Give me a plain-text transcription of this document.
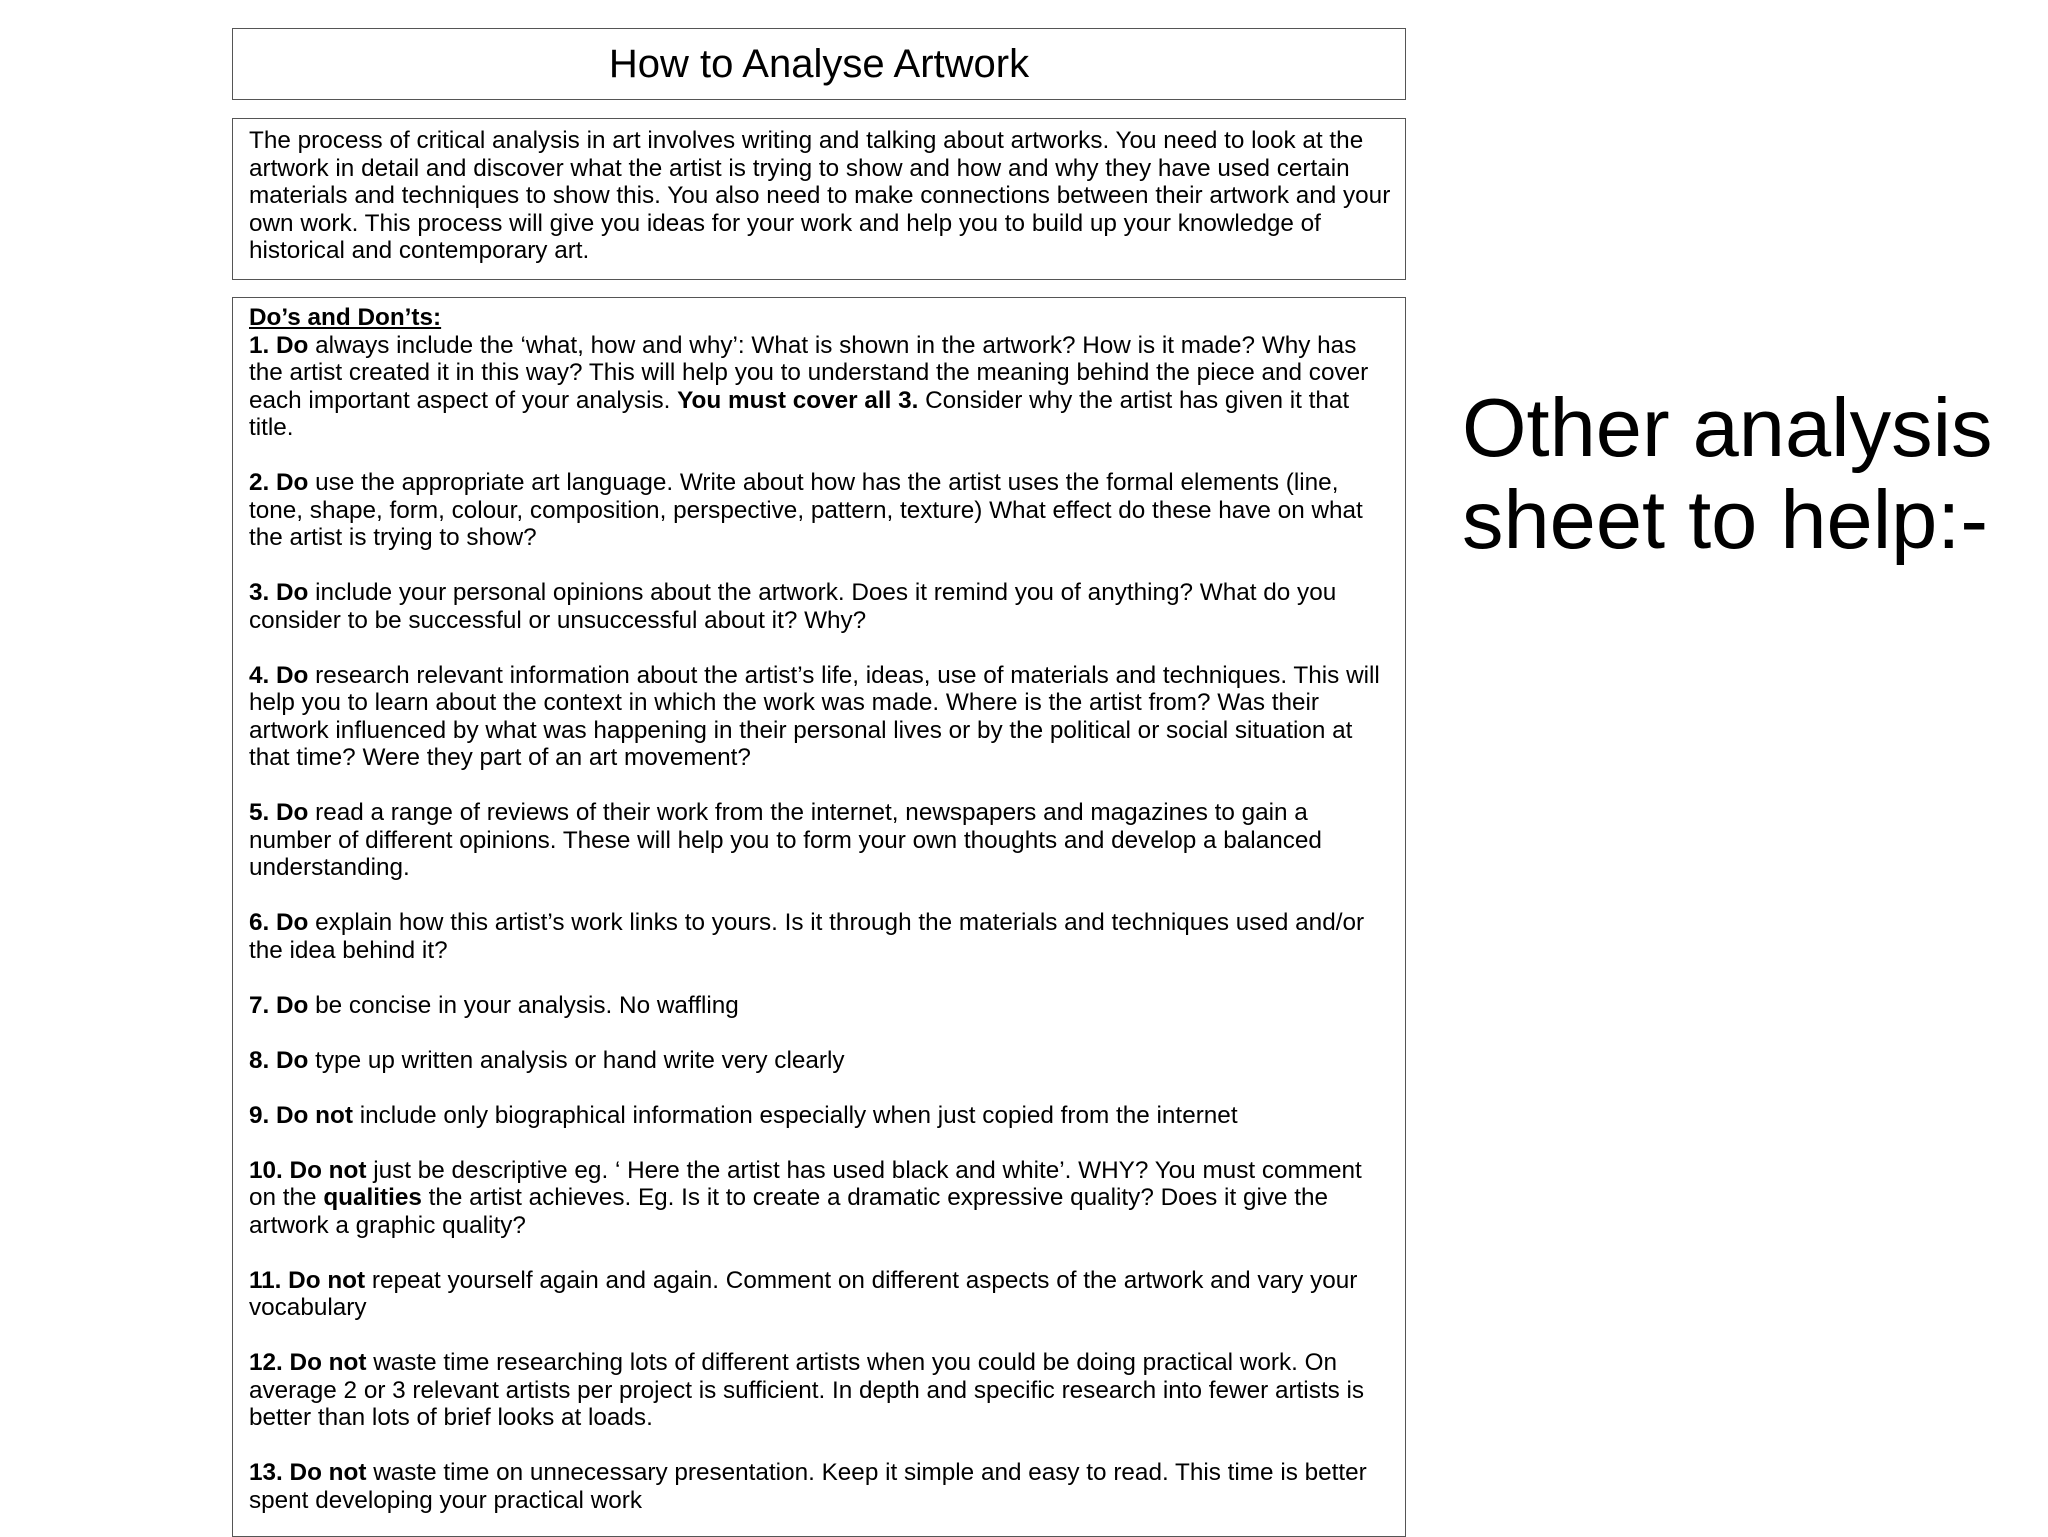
How to Analyse Artwork

The process of critical analysis in art involves writing and talking about artworks. You need to look at the artwork in detail and discover what the artist is trying to show and how and why they have used certain materials and techniques to show this. You also need to make connections between their artwork and your own work. This process will give you ideas for your work and help you to build up your knowledge of historical and contemporary art.

Do’s and Don’ts:

1. Do always include the ‘what, how and why’: What is shown in the artwork? How is it made? Why has the artist created it in this way? This will help you to understand the meaning behind the piece and cover each important aspect of your analysis. You must cover all 3. Consider why the artist has given it that title.

2. Do use the appropriate art language. Write about how has the artist uses the formal elements (line, tone, shape, form, colour, composition, perspective, pattern, texture) What effect do these have on what the artist is trying to show?

3. Do include your personal opinions about the artwork. Does it remind you of anything? What do you consider to be successful or unsuccessful about it? Why?

4. Do research relevant information about the artist’s life, ideas, use of materials and techniques. This will help you to learn about the context in which the work was made. Where is the artist from? Was their artwork influenced by what was happening in their personal lives or by the political or social situation at that time? Were they part of an art movement?

5. Do read a range of reviews of their work from the internet, newspapers and magazines to gain a number of different opinions. These will help you to form your own thoughts and develop a balanced understanding.

6. Do explain how this artist’s work links to yours. Is it through the materials and techniques used and/or the idea behind it?

7. Do be concise in your analysis. No waffling

8. Do type up written analysis or hand write very clearly

9. Do not include only biographical information especially when just copied from the internet

10. Do not just be descriptive eg. ‘ Here the artist has used black and white’. WHY? You must comment on the qualities the artist achieves. Eg. Is it to create a dramatic expressive quality? Does it give the artwork a graphic quality?

11. Do not repeat yourself again and again. Comment on different aspects of the artwork and vary your vocabulary

12. Do not waste time researching lots of different artists when you could be doing practical work. On average 2 or 3 relevant artists per project is sufficient. In depth and specific research into fewer artists is better than lots of brief looks at loads.

13. Do not waste time on unnecessary presentation. Keep it simple and easy to read. This time is better spent developing your practical work

Other analysis sheet to help:-
